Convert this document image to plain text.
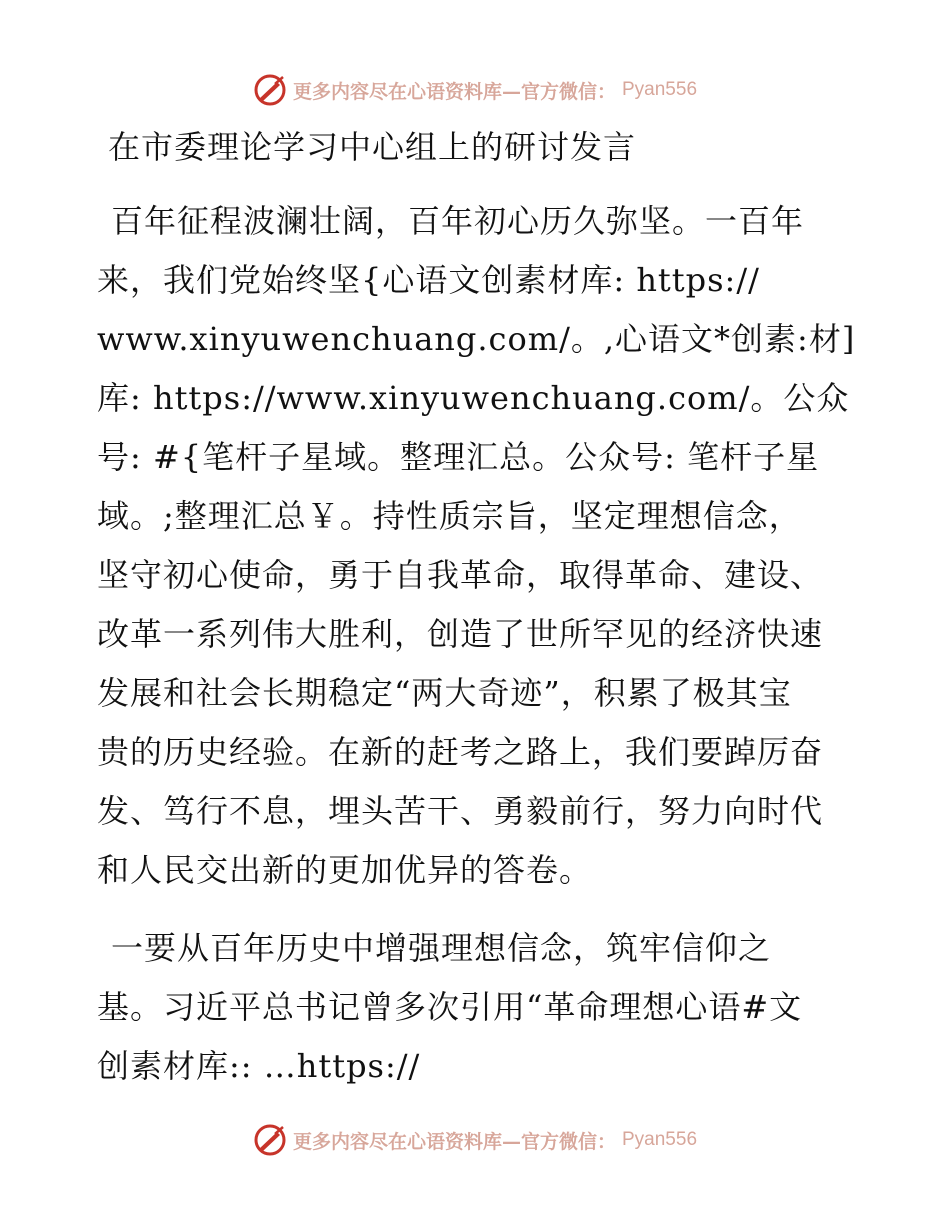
更多内容尽在心语资料库—官方微信： Pyan556
在市委理论学习中心组上的研讨发言
百年征程波澜壮阔，百年初心历久弥坚。一百年
来，我们党始终坚{心语文创素材库: https://
www.xinyuwenchuang.com/。,心语文*创素:材]
库: https://www.xinyuwenchuang.com/。公众
号: #{笔杆子星域。整理汇总。公众号: 笔杆子星
域。;整理汇总￥。持性质宗旨，坚定理想信念，
坚守初心使命，勇于自我革命，取得革命、建设、
改革一系列伟大胜利，创造了世所罕见的经济快速
发展和社会长期稳定“两大奇迹”，积累了极其宝
贵的历史经验。在新的赶考之路上，我们要踔厉奋
发、笃行不息，埋头苦干、勇毅前行，努力向时代
和人民交出新的更加优异的答卷。
一要从百年历史中增强理想信念，筑牢信仰之
基。习近平总书记曾多次引用“革命理想心语#文
创素材库:: …https://
更多内容尽在心语资料库—官方微信： Pyan556
